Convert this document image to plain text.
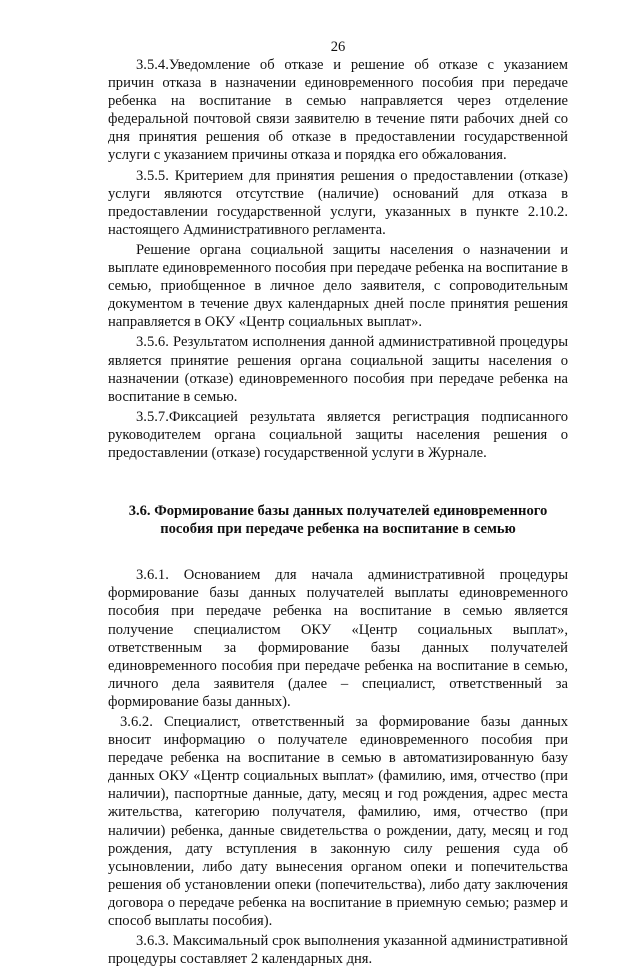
26

3.5.4.Уведомление об отказе и решение об отказе с указанием причин отказа в назначении единовременного пособия при передаче ребенка на воспитание в семью направляется через отделение федеральной почтовой связи заявителю в течение пяти рабочих дней со дня принятия решения об отказе в предоставлении государственной услуги с указанием причины отказа и порядка его обжалования.

3.5.5. Критерием для принятия решения о предоставлении (отказе) услуги являются отсутствие (наличие) оснований для отказа в предоставлении государственной услуги, указанных в пункте 2.10.2. настоящего Административного регламента.

Решение органа социальной защиты населения о назначении и выплате единовременного пособия при передаче ребенка на воспитание в семью, приобщенное в личное дело заявителя, с сопроводительным документом в течение двух календарных дней после принятия решения направляется в ОКУ «Центр социальных выплат».

3.5.6. Результатом исполнения данной административной процедуры является принятие решения органа социальной защиты населения о назначении (отказе) единовременного пособия при передаче ребенка на воспитание в семью.

3.5.7.Фиксацией результата является регистрация подписанного руководителем органа социальной защиты населения решения о предоставлении (отказе) государственной услуги в Журнале.

3.6. Формирование базы данных получателей единовременного пособия при передаче ребенка на воспитание в семью

3.6.1. Основанием для начала административной процедуры формирование базы данных получателей выплаты единовременного пособия при передаче ребенка на воспитание в семью является получение специалистом ОКУ «Центр социальных выплат», ответственным за формирование базы данных получателей единовременного пособия при передаче ребенка на воспитание в семью, личного дела заявителя (далее – специалист, ответственный за формирование базы данных).

3.6.2. Специалист, ответственный за формирование базы данных вносит информацию о получателе единовременного пособия при передаче ребенка на воспитание в семью в автоматизированную базу данных ОКУ «Центр социальных выплат» (фамилию, имя, отчество (при наличии), паспортные данные, дату, месяц и год рождения, адрес места жительства, категорию получателя, фамилию, имя, отчество (при наличии) ребенка, данные свидетельства о рождении, дату, месяц и год рождения, дату вступления в законную силу решения суда об усыновлении, либо дату вынесения органом опеки и попечительства решения об установлении опеки (попечительства), либо дату заключения договора о передаче ребенка на воспитание в приемную семью; размер и способ выплаты пособия).

3.6.3. Максимальный срок выполнения указанной административной процедуры составляет 2 календарных дня.
